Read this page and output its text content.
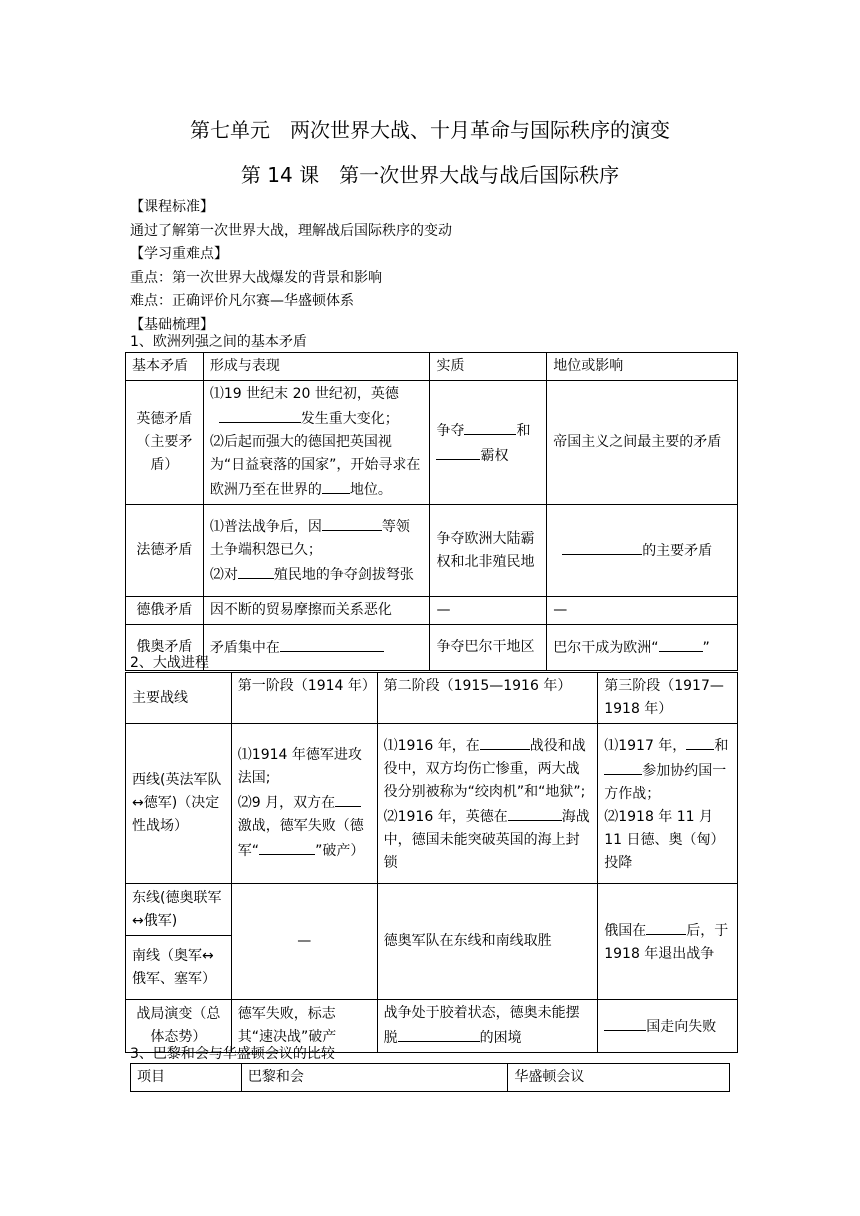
第七单元　两次世界大战、十月革命与国际秩序的演变
第 14 课　第一次世界大战与战后国际秩序
【课程标准】
通过了解第一次世界大战，理解战后国际秩序的变动
【学习重难点】
重点：第一次世界大战爆发的背景和影响
难点：正确评价凡尔赛—华盛顿体系
【基础梳理】
1、欧洲列强之间的基本矛盾
基本矛盾	形成与表现	实质	地位或影响
英德矛盾（主要矛盾）	⑴19 世纪末 20 世纪初，英德
发生重大变化；
⑵后起而强大的德国把英国视为“日益衰落的国家”，开始寻求在欧洲乃至在世界的 地位。	争夺 和
霸权	帝国主义之间最主要的矛盾
法德矛盾	⑴普法战争后，因 等领土争端积怨已久；
⑵对 殖民地的争夺剑拔弩张	争夺欧洲大陆霸权和北非殖民地	的主要矛盾
德俄矛盾	因不断的贸易摩擦而关系恶化	—	—
俄奥矛盾	矛盾集中在	争夺巴尔干地区	巴尔干成为欧洲“ ”
2、大战进程
主要战线	第一阶段（1914 年）	第二阶段（1915—1916 年）	第三阶段（1917—1918 年）
西线(英法军队↔德军)（决定性战场）	⑴1914 年德军进攻法国;
⑵9 月，双方在激战，德军失败（德军“ ”破产）	⑴1916 年，在 战役和战役中，双方均伤亡惨重，两大战役分别被称为“绞肉机”和“地狱”;
⑵1916 年，英德在 海战中，德国未能突破英国的海上封锁	⑴1917 年， 和
参加协约国一方作战；
⑵1918 年 11 月 11 日德、奥（匈）投降
东线(德奥联军↔俄军)	—	德奥军队在东线和南线取胜	俄国在 后，于 1918 年退出战争
南线（奥军↔俄军、塞军）			
战局演变（总体态势）	德军失败，标志其“速决战”破产	战争处于胶着状态，德奥未能摆脱 的困境	国走向失败
3、巴黎和会与华盛顿会议的比较
项目	巴黎和会	华盛顿会议
